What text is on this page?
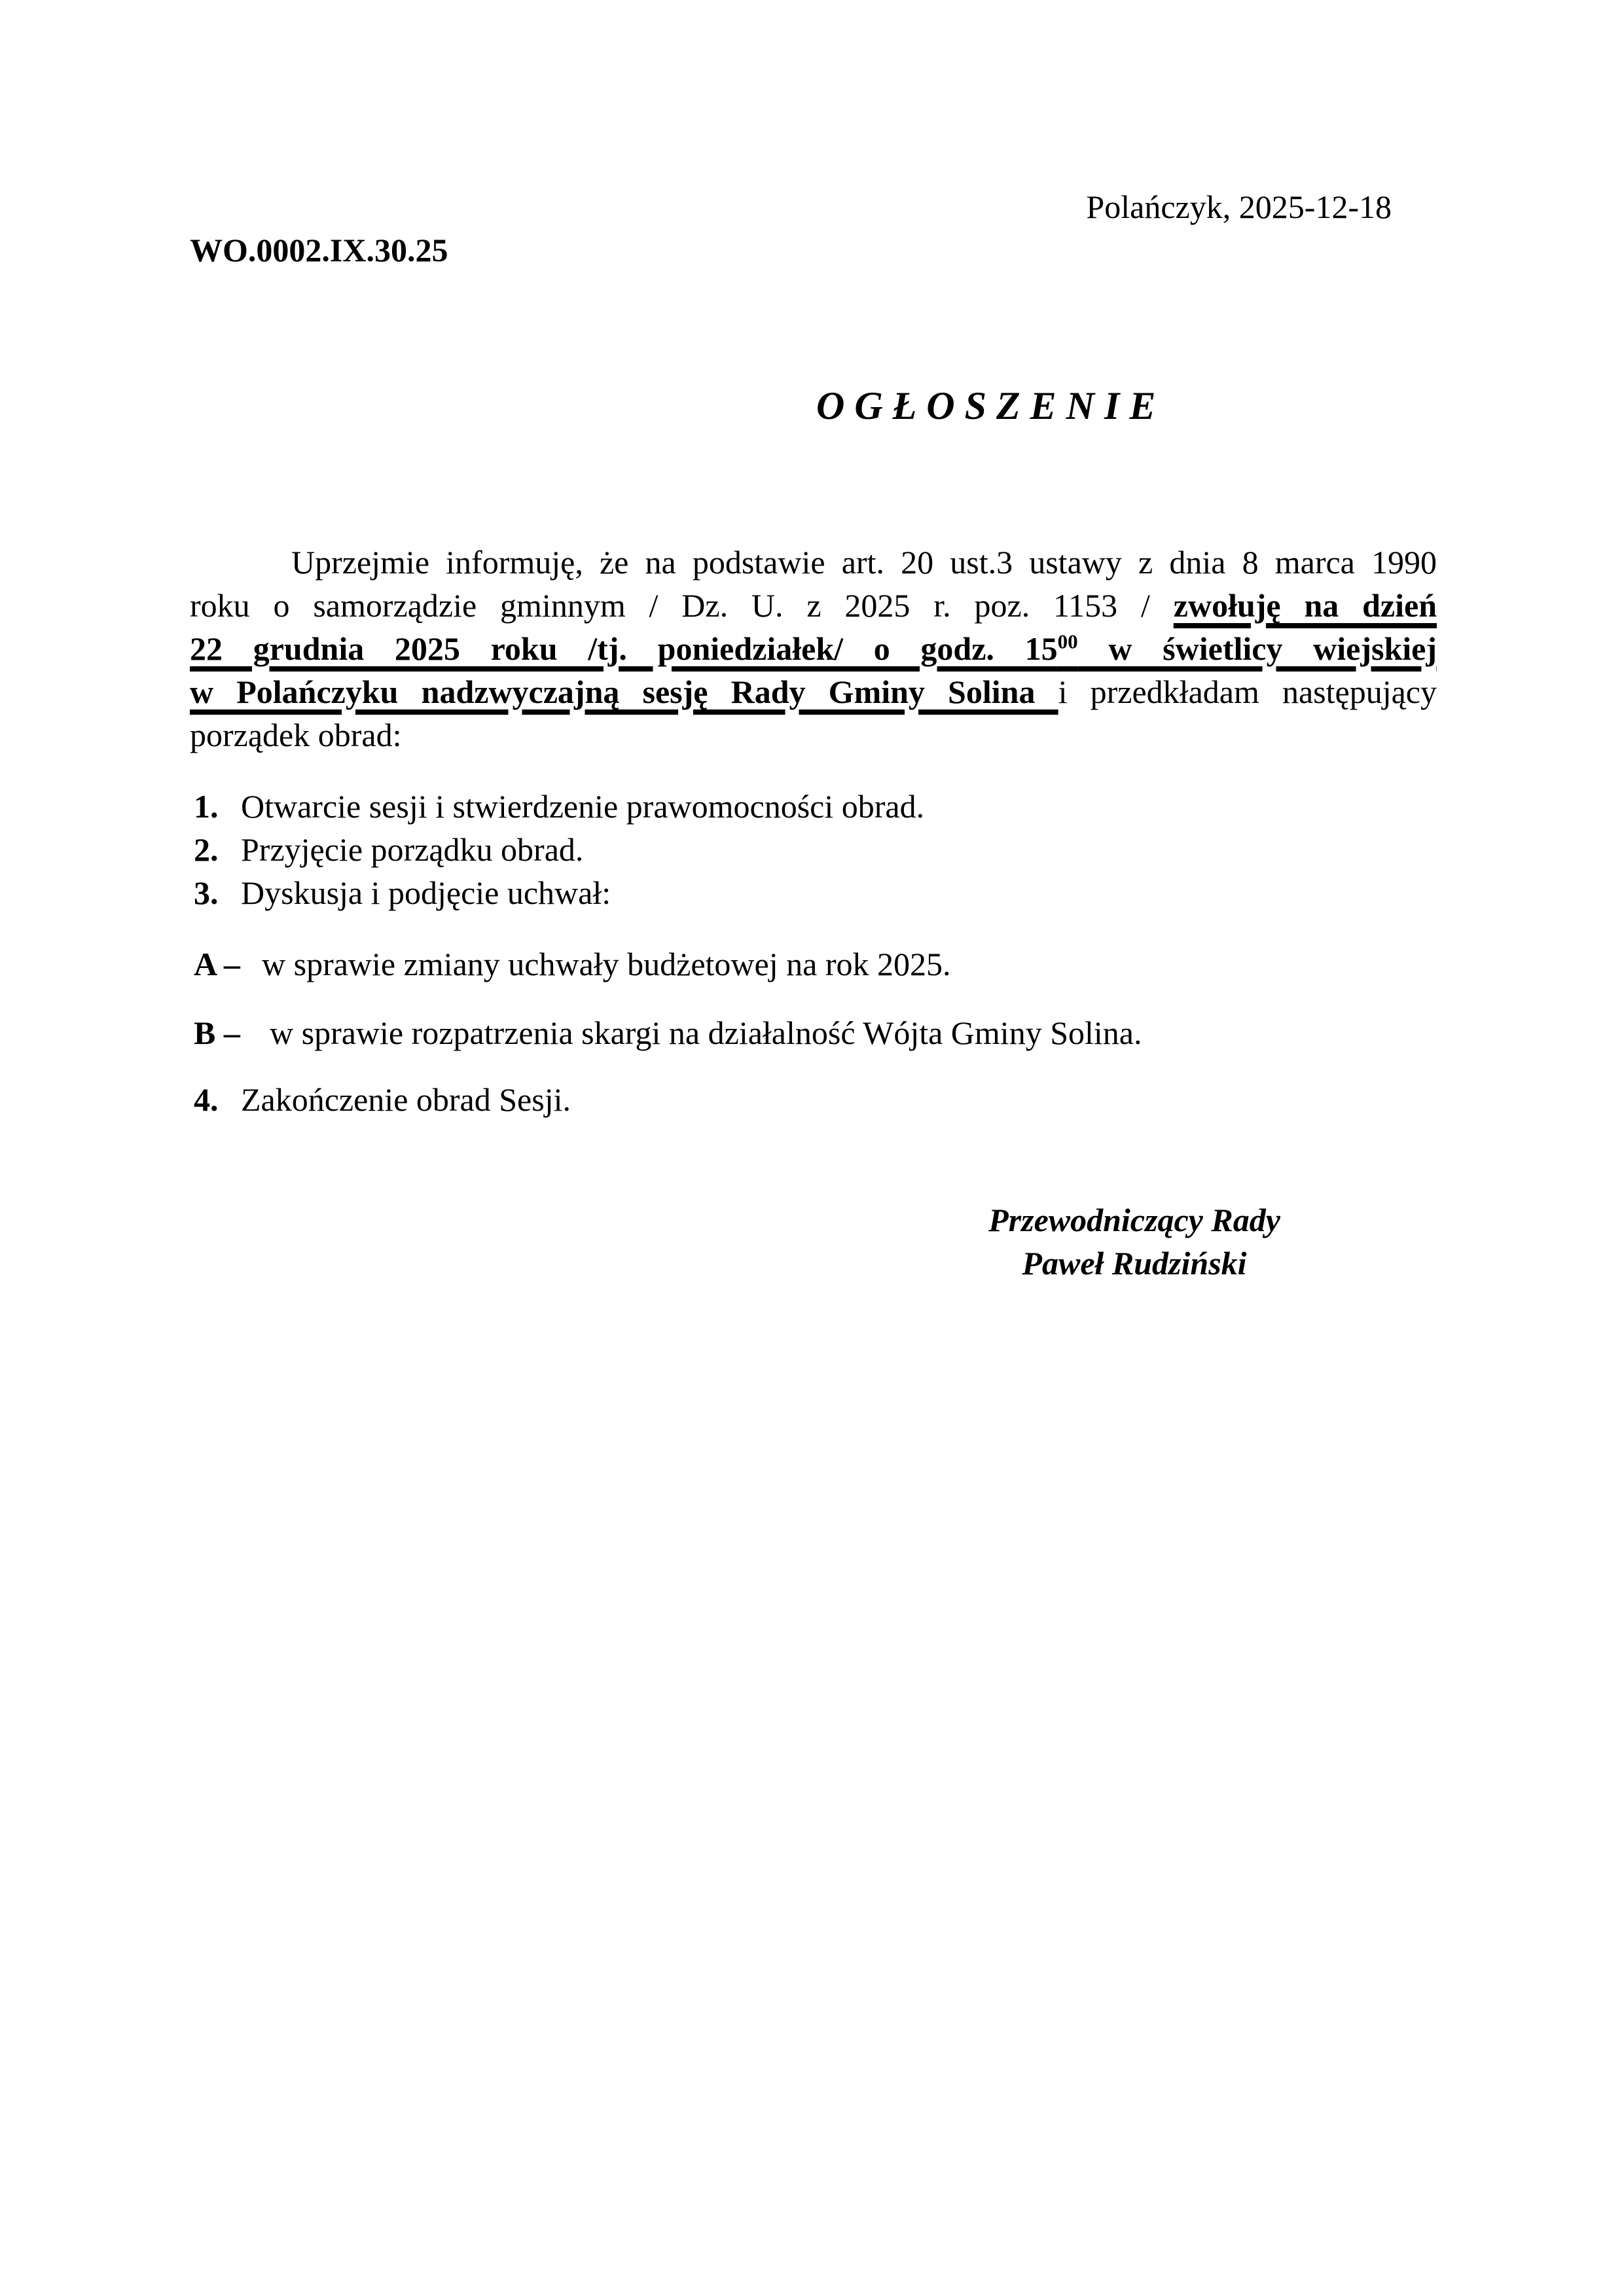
Polańczyk, 2025-12-18
WO.0002.IX.30.25
O G Ł O S Z E N I E
Uprzejmie informuję, że na podstawie art. 20 ust.3 ustawy z dnia 8 marca 1990
roku o samorządzie gminnym / Dz. U. z 2025 r. poz. 1153 / zwołuję na dzień
22 grudnia 2025 roku /tj. poniedziałek/ o godz. $15^{00}$ w świetlicy wiejskiej
w Polańczyku nadzwyczajną sesję Rady Gminy Solina i przedkładam następujący
porządek obrad:
1. Otwarcie sesji i stwierdzenie prawomocności obrad.
2. Przyjęcie porządku obrad.
3. Dyskusja i podjęcie uchwał:
A – w sprawie zmiany uchwały budżetowej na rok 2025.
B – w sprawie rozpatrzenia skargi na działalność Wójta Gminy Solina.
4. Zakończenie obrad Sesji.
Przewodniczący Rady
Paweł Rudziński
